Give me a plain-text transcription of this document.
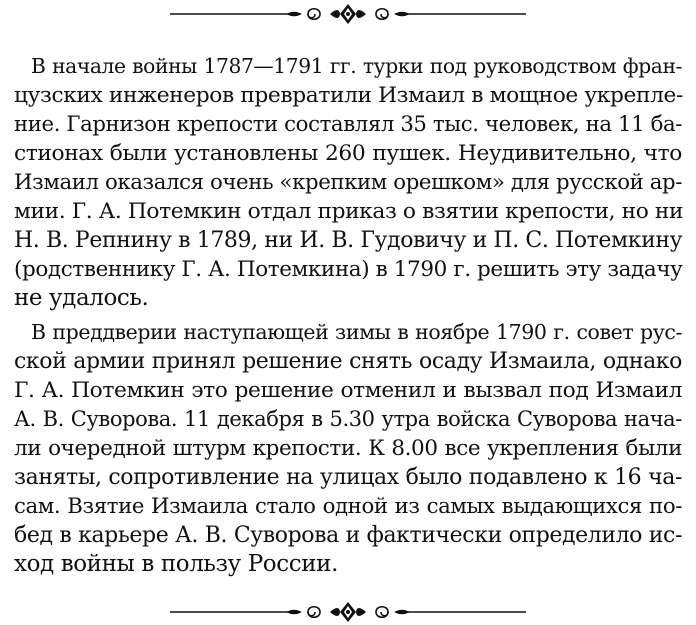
В начале войны 1787—1791 гг. турки под руководством фран-
цузских инженеров превратили Измаил в мощное укрепле-
ние. Гарнизон крепости составлял 35 тыс. человек, на 11 ба-
стионах были установлены 260 пушек. Неудивительно, что
Измаил оказался очень «крепким орешком» для русской ар-
мии. Г. А. Потемкин отдал приказ о взятии крепости, но ни
Н. В. Репнину в 1789, ни И. В. Гудовичу и П. С. Потемкину
(родственнику Г. А. Потемкина) в 1790 г. решить эту задачу
не удалось.
В преддверии наступающей зимы в ноябре 1790 г. совет рус-
ской армии принял решение снять осаду Измаила, однако
Г. А. Потемкин это решение отменил и вызвал под Измаил
А. В. Суворова. 11 декабря в 5.30 утра войска Суворова нача-
ли очередной штурм крепости. К 8.00 все укрепления были
заняты, сопротивление на улицах было подавлено к 16 ча-
сам. Взятие Измаила стало одной из самых выдающихся по-
бед в карьере А. В. Суворова и фактически определило ис-
ход войны в пользу России.
